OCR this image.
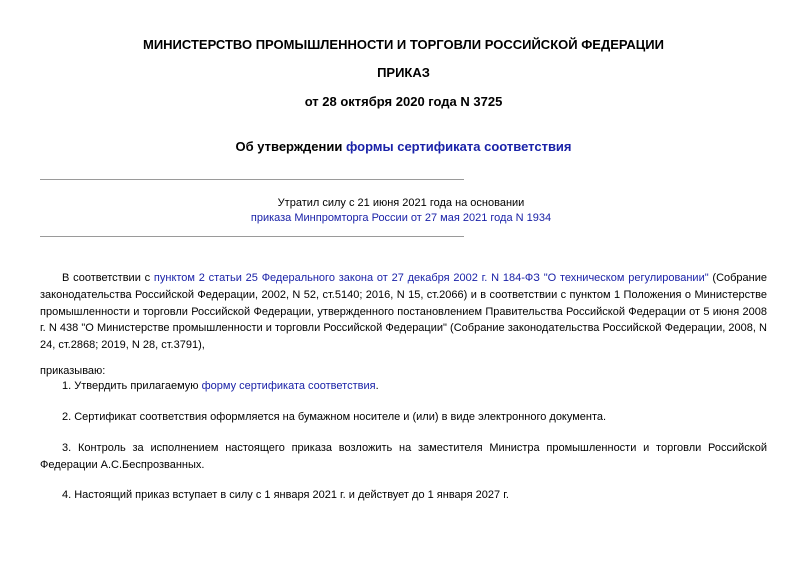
МИНИСТЕРСТВО ПРОМЫШЛЕННОСТИ И ТОРГОВЛИ РОССИЙСКОЙ ФЕДЕРАЦИИ
ПРИКАЗ
от 28 октября 2020 года N 3725
Об утверждении формы сертификата соответствия
Утратил силу с 21 июня 2021 года на основании
приказа Минпромторга России от 27 мая 2021 года N 1934
В соответствии с пунктом 2 статьи 25 Федерального закона от 27 декабря 2002 г. N 184-ФЗ "О техническом регулировании" (Собрание законодательства Российской Федерации, 2002, N 52, ст.5140; 2016, N 15, ст.2066) и в соответствии с пунктом 1 Положения о Министерстве промышленности и торговли Российской Федерации, утвержденного постановлением Правительства Российской Федерации от 5 июня 2008 г. N 438 "О Министерстве промышленности и торговли Российской Федерации" (Собрание законодательства Российской Федерации, 2008, N 24, ст.2868; 2019, N 28, ст.3791),
приказываю:
1. Утвердить прилагаемую форму сертификата соответствия.
2. Сертификат соответствия оформляется на бумажном носителе и (или) в виде электронного документа.
3. Контроль за исполнением настоящего приказа возложить на заместителя Министра промышленности и торговли Российской Федерации А.С.Беспрозванных.
4. Настоящий приказ вступает в силу с 1 января 2021 г. и действует до 1 января 2027 г.
